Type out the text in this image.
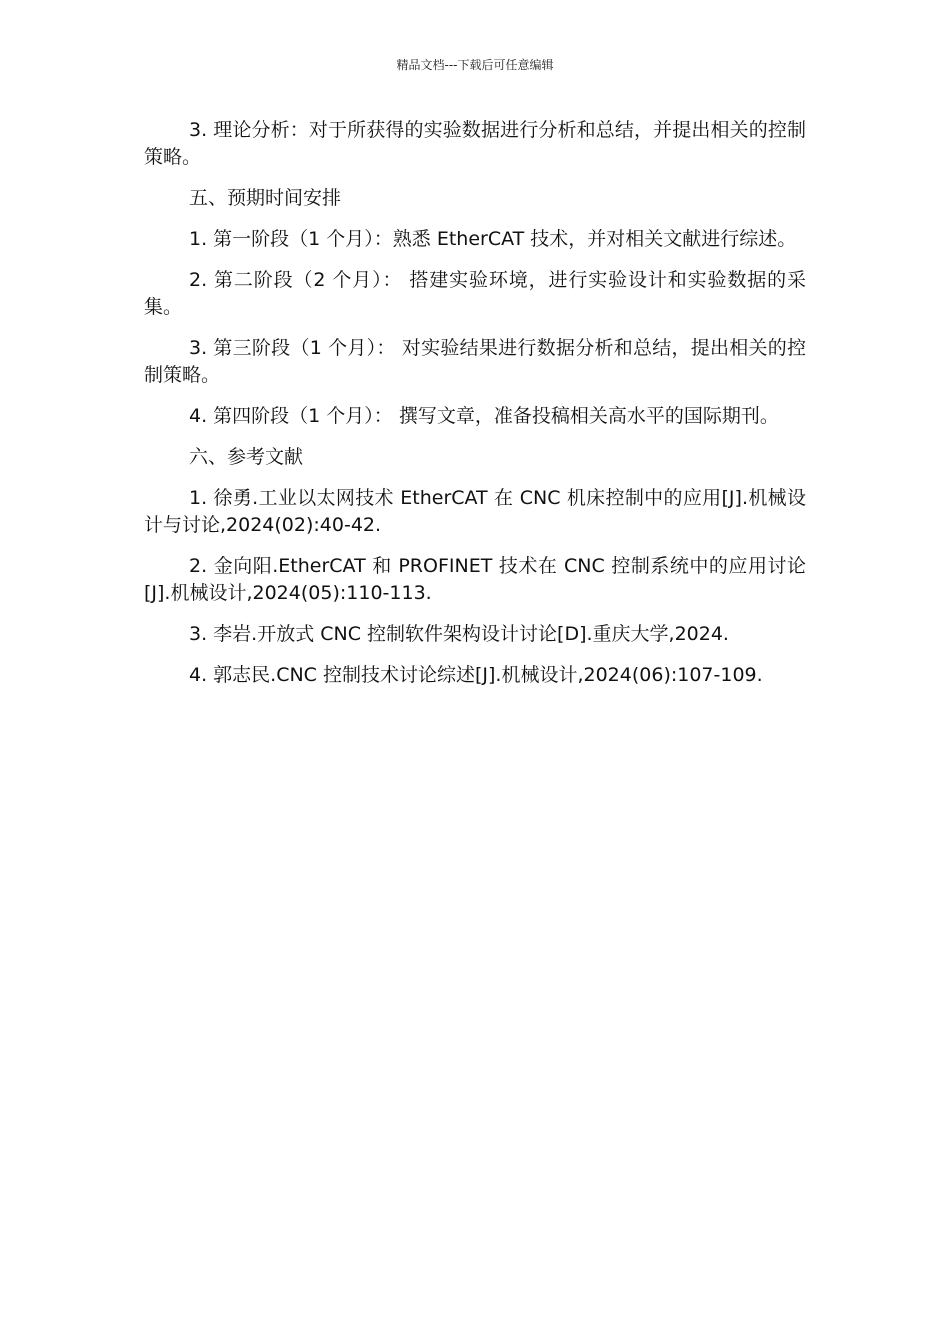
精品文档---下载后可任意编辑

3. 理论分析：对于所获得的实验数据进行分析和总结，并提出相关的控制策略。

五、预期时间安排

1. 第一阶段（1 个月）：熟悉 EtherCAT 技术，并对相关文献进行综述。

2. 第二阶段（2 个月）： 搭建实验环境，进行实验设计和实验数据的采集。

3. 第三阶段（1 个月）： 对实验结果进行数据分析和总结，提出相关的控制策略。

4. 第四阶段（1 个月）： 撰写文章，准备投稿相关高水平的国际期刊。

六、参考文献

1. 徐勇.工业以太网技术 EtherCAT 在 CNC 机床控制中的应用[J].机械设计与讨论,2024(02):40-42.

2. 金向阳.EtherCAT 和 PROFINET 技术在 CNC 控制系统中的应用讨论[J].机械设计,2024(05):110-113.

3. 李岩.开放式 CNC 控制软件架构设计讨论[D].重庆大学,2024.

4. 郭志民.CNC 控制技术讨论综述[J].机械设计,2024(06):107-109.
